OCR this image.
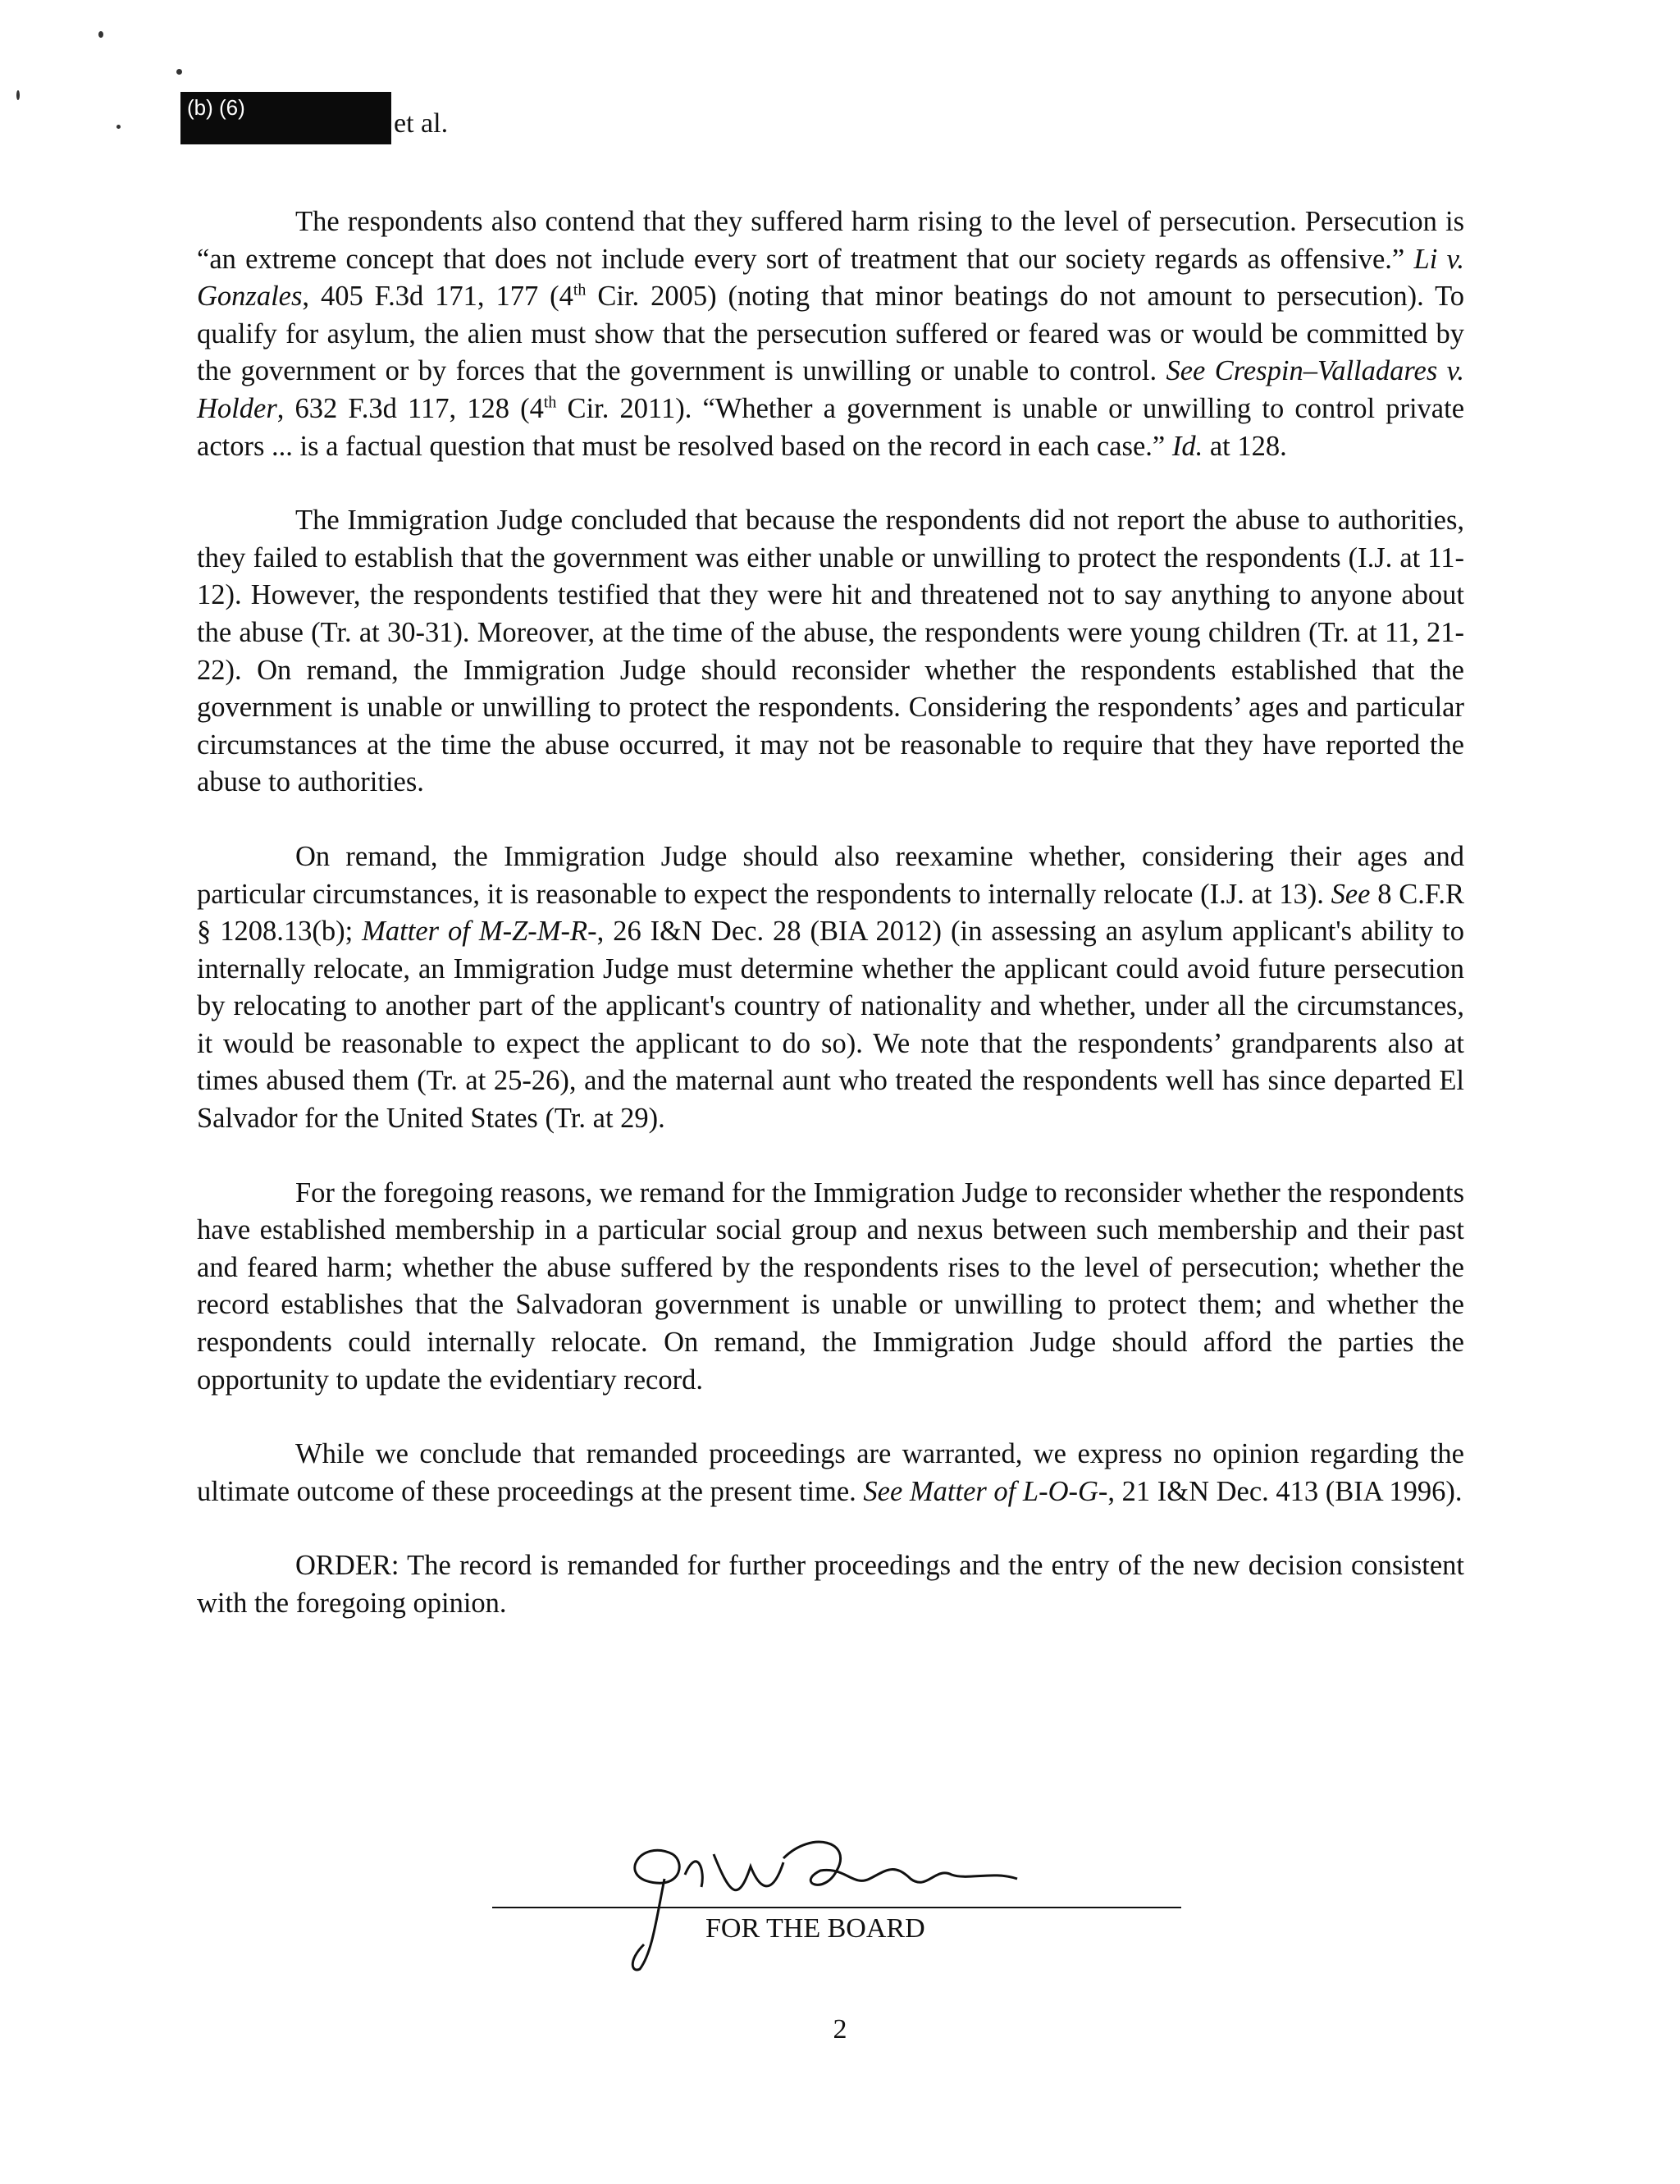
(b) (6)
et al.

The respondents also contend that they suffered harm rising to the level of persecution. Persecution is “an extreme concept that does not include every sort of treatment that our society regards as offensive.” Li v. Gonzales, 405 F.3d 171, 177 (4th Cir. 2005) (noting that minor beatings do not amount to persecution). To qualify for asylum, the alien must show that the persecution suffered or feared was or would be committed by the government or by forces that the government is unwilling or unable to control. See Crespin–Valladares v. Holder, 632 F.3d 117, 128 (4th Cir. 2011). “Whether a government is unable or unwilling to control private actors ... is a factual question that must be resolved based on the record in each case.” Id. at 128.

The Immigration Judge concluded that because the respondents did not report the abuse to authorities, they failed to establish that the government was either unable or unwilling to protect the respondents (I.J. at 11-12). However, the respondents testified that they were hit and threatened not to say anything to anyone about the abuse (Tr. at 30-31). Moreover, at the time of the abuse, the respondents were young children (Tr. at 11, 21-22). On remand, the Immigration Judge should reconsider whether the respondents established that the government is unable or unwilling to protect the respondents. Considering the respondents’ ages and particular circumstances at the time the abuse occurred, it may not be reasonable to require that they have reported the abuse to authorities.

On remand, the Immigration Judge should also reexamine whether, considering their ages and particular circumstances, it is reasonable to expect the respondents to internally relocate (I.J. at 13). See 8 C.F.R § 1208.13(b); Matter of M-Z-M-R-, 26 I&N Dec. 28 (BIA 2012) (in assessing an asylum applicant's ability to internally relocate, an Immigration Judge must determine whether the applicant could avoid future persecution by relocating to another part of the applicant's country of nationality and whether, under all the circumstances, it would be reasonable to expect the applicant to do so). We note that the respondents’ grandparents also at times abused them (Tr. at 25-26), and the maternal aunt who treated the respondents well has since departed El Salvador for the United States (Tr. at 29).

For the foregoing reasons, we remand for the Immigration Judge to reconsider whether the respondents have established membership in a particular social group and nexus between such membership and their past and feared harm; whether the abuse suffered by the respondents rises to the level of persecution; whether the record establishes that the Salvadoran government is unable or unwilling to protect them; and whether the respondents could internally relocate. On remand, the Immigration Judge should afford the parties the opportunity to update the evidentiary record.

While we conclude that remanded proceedings are warranted, we express no opinion regarding the ultimate outcome of these proceedings at the present time. See Matter of L-O-G-, 21 I&N Dec. 413 (BIA 1996).

ORDER: The record is remanded for further proceedings and the entry of the new decision consistent with the foregoing opinion.

FOR THE BOARD
2
